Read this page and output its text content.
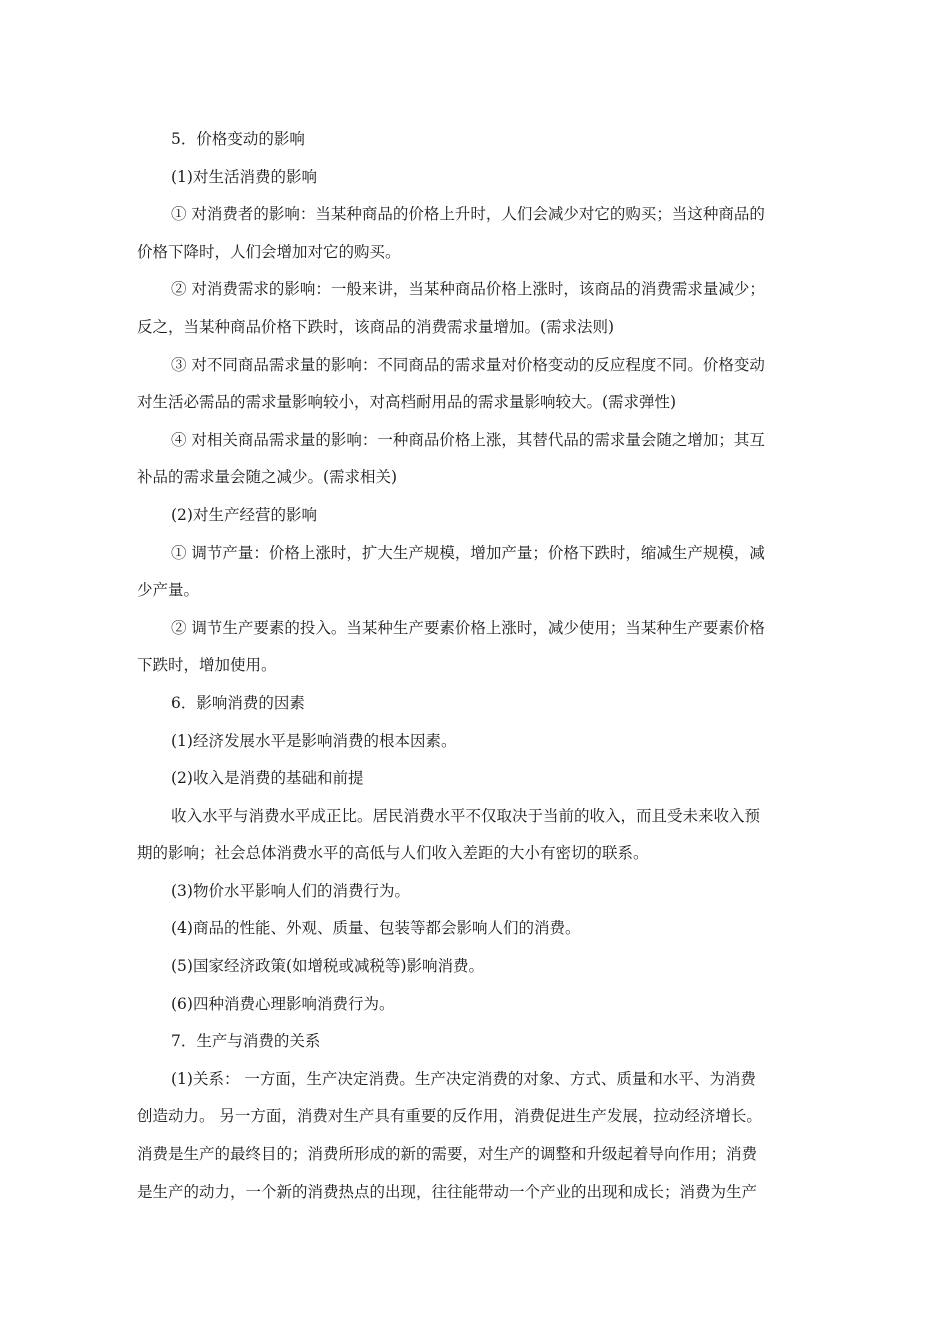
5．价格变动的影响

(1)对生活消费的影响

① 对消费者的影响：当某种商品的价格上升时，人们会减少对它的购买；当这种商品的

价格下降时，人们会增加对它的购买。

② 对消费需求的影响：一般来讲，当某种商品价格上涨时，该商品的消费需求量减少；

反之，当某种商品价格下跌时，该商品的消费需求量增加。(需求法则)

③ 对不同商品需求量的影响：不同商品的需求量对价格变动的反应程度不同。价格变动

对生活必需品的需求量影响较小，对高档耐用品的需求量影响较大。(需求弹性)

④ 对相关商品需求量的影响：一种商品价格上涨，其替代品的需求量会随之增加；其互

补品的需求量会随之减少。(需求相关)

(2)对生产经营的影响

① 调节产量：价格上涨时，扩大生产规模，增加产量；价格下跌时，缩减生产规模，减

少产量。

② 调节生产要素的投入。当某种生产要素价格上涨时，减少使用；当某种生产要素价格

下跌时，增加使用。

6．影响消费的因素

(1)经济发展水平是影响消费的根本因素。

(2)收入是消费的基础和前提

收入水平与消费水平成正比。居民消费水平不仅取决于当前的收入，而且受未来收入预

期的影响；社会总体消费水平的高低与人们收入差距的大小有密切的联系。

(3)物价水平影响人们的消费行为。

(4)商品的性能、外观、质量、包装等都会影响人们的消费。

(5)国家经济政策(如增税或减税等)影响消费。

(6)四种消费心理影响消费行为。

7．生产与消费的关系

(1)关系： 一方面，生产决定消费。生产决定消费的对象、方式、质量和水平、为消费

创造动力。 另一方面，消费对生产具有重要的反作用，消费促进生产发展，拉动经济增长。

消费是生产的最终目的；消费所形成的新的需要，对生产的调整和升级起着导向作用；消费

是生产的动力，一个新的消费热点的出现，往往能带动一个产业的出现和成长；消费为生产
